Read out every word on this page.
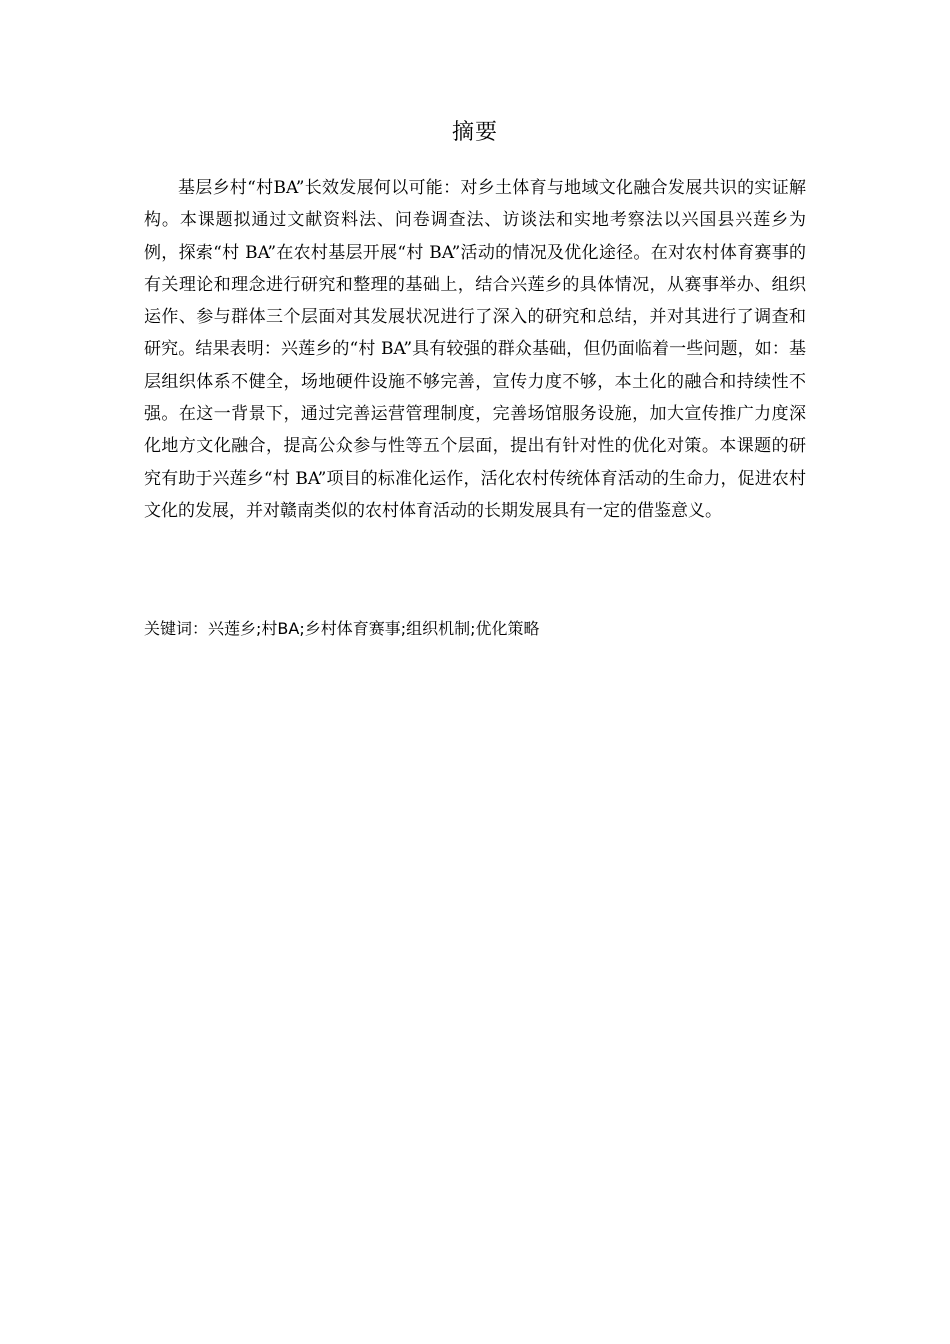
摘要
基层乡村“村BA”长效发展何以可能：对乡土体育与地域文化融合发展共识的实证解构。本课题拟通过文献资料法、问卷调查法、访谈法和实地考察法以兴国县兴莲乡为例，探索“村 BA”在农村基层开展“村 BA”活动的情况及优化途径。在对农村体育赛事的有关理论和理念进行研究和整理的基础上，结合兴莲乡的具体情况，从赛事举办、组织运作、参与群体三个层面对其发展状况进行了深入的研究和总结，并对其进行了调查和研究。结果表明：兴莲乡的“村 BA”具有较强的群众基础，但仍面临着一些问题，如：基层组织体系不健全，场地硬件设施不够完善，宣传力度不够，本土化的融合和持续性不强。在这一背景下，通过完善运营管理制度，完善场馆服务设施，加大宣传推广力度深化地方文化融合，提高公众参与性等五个层面，提出有针对性的优化对策。本课题的研究有助于兴莲乡“村 BA”项目的标准化运作，活化农村传统体育活动的生命力，促进农村文化的发展，并对赣南类似的农村体育活动的长期发展具有一定的借鉴意义。
关键词：兴莲乡;村BA;乡村体育赛事;组织机制;优化策略
